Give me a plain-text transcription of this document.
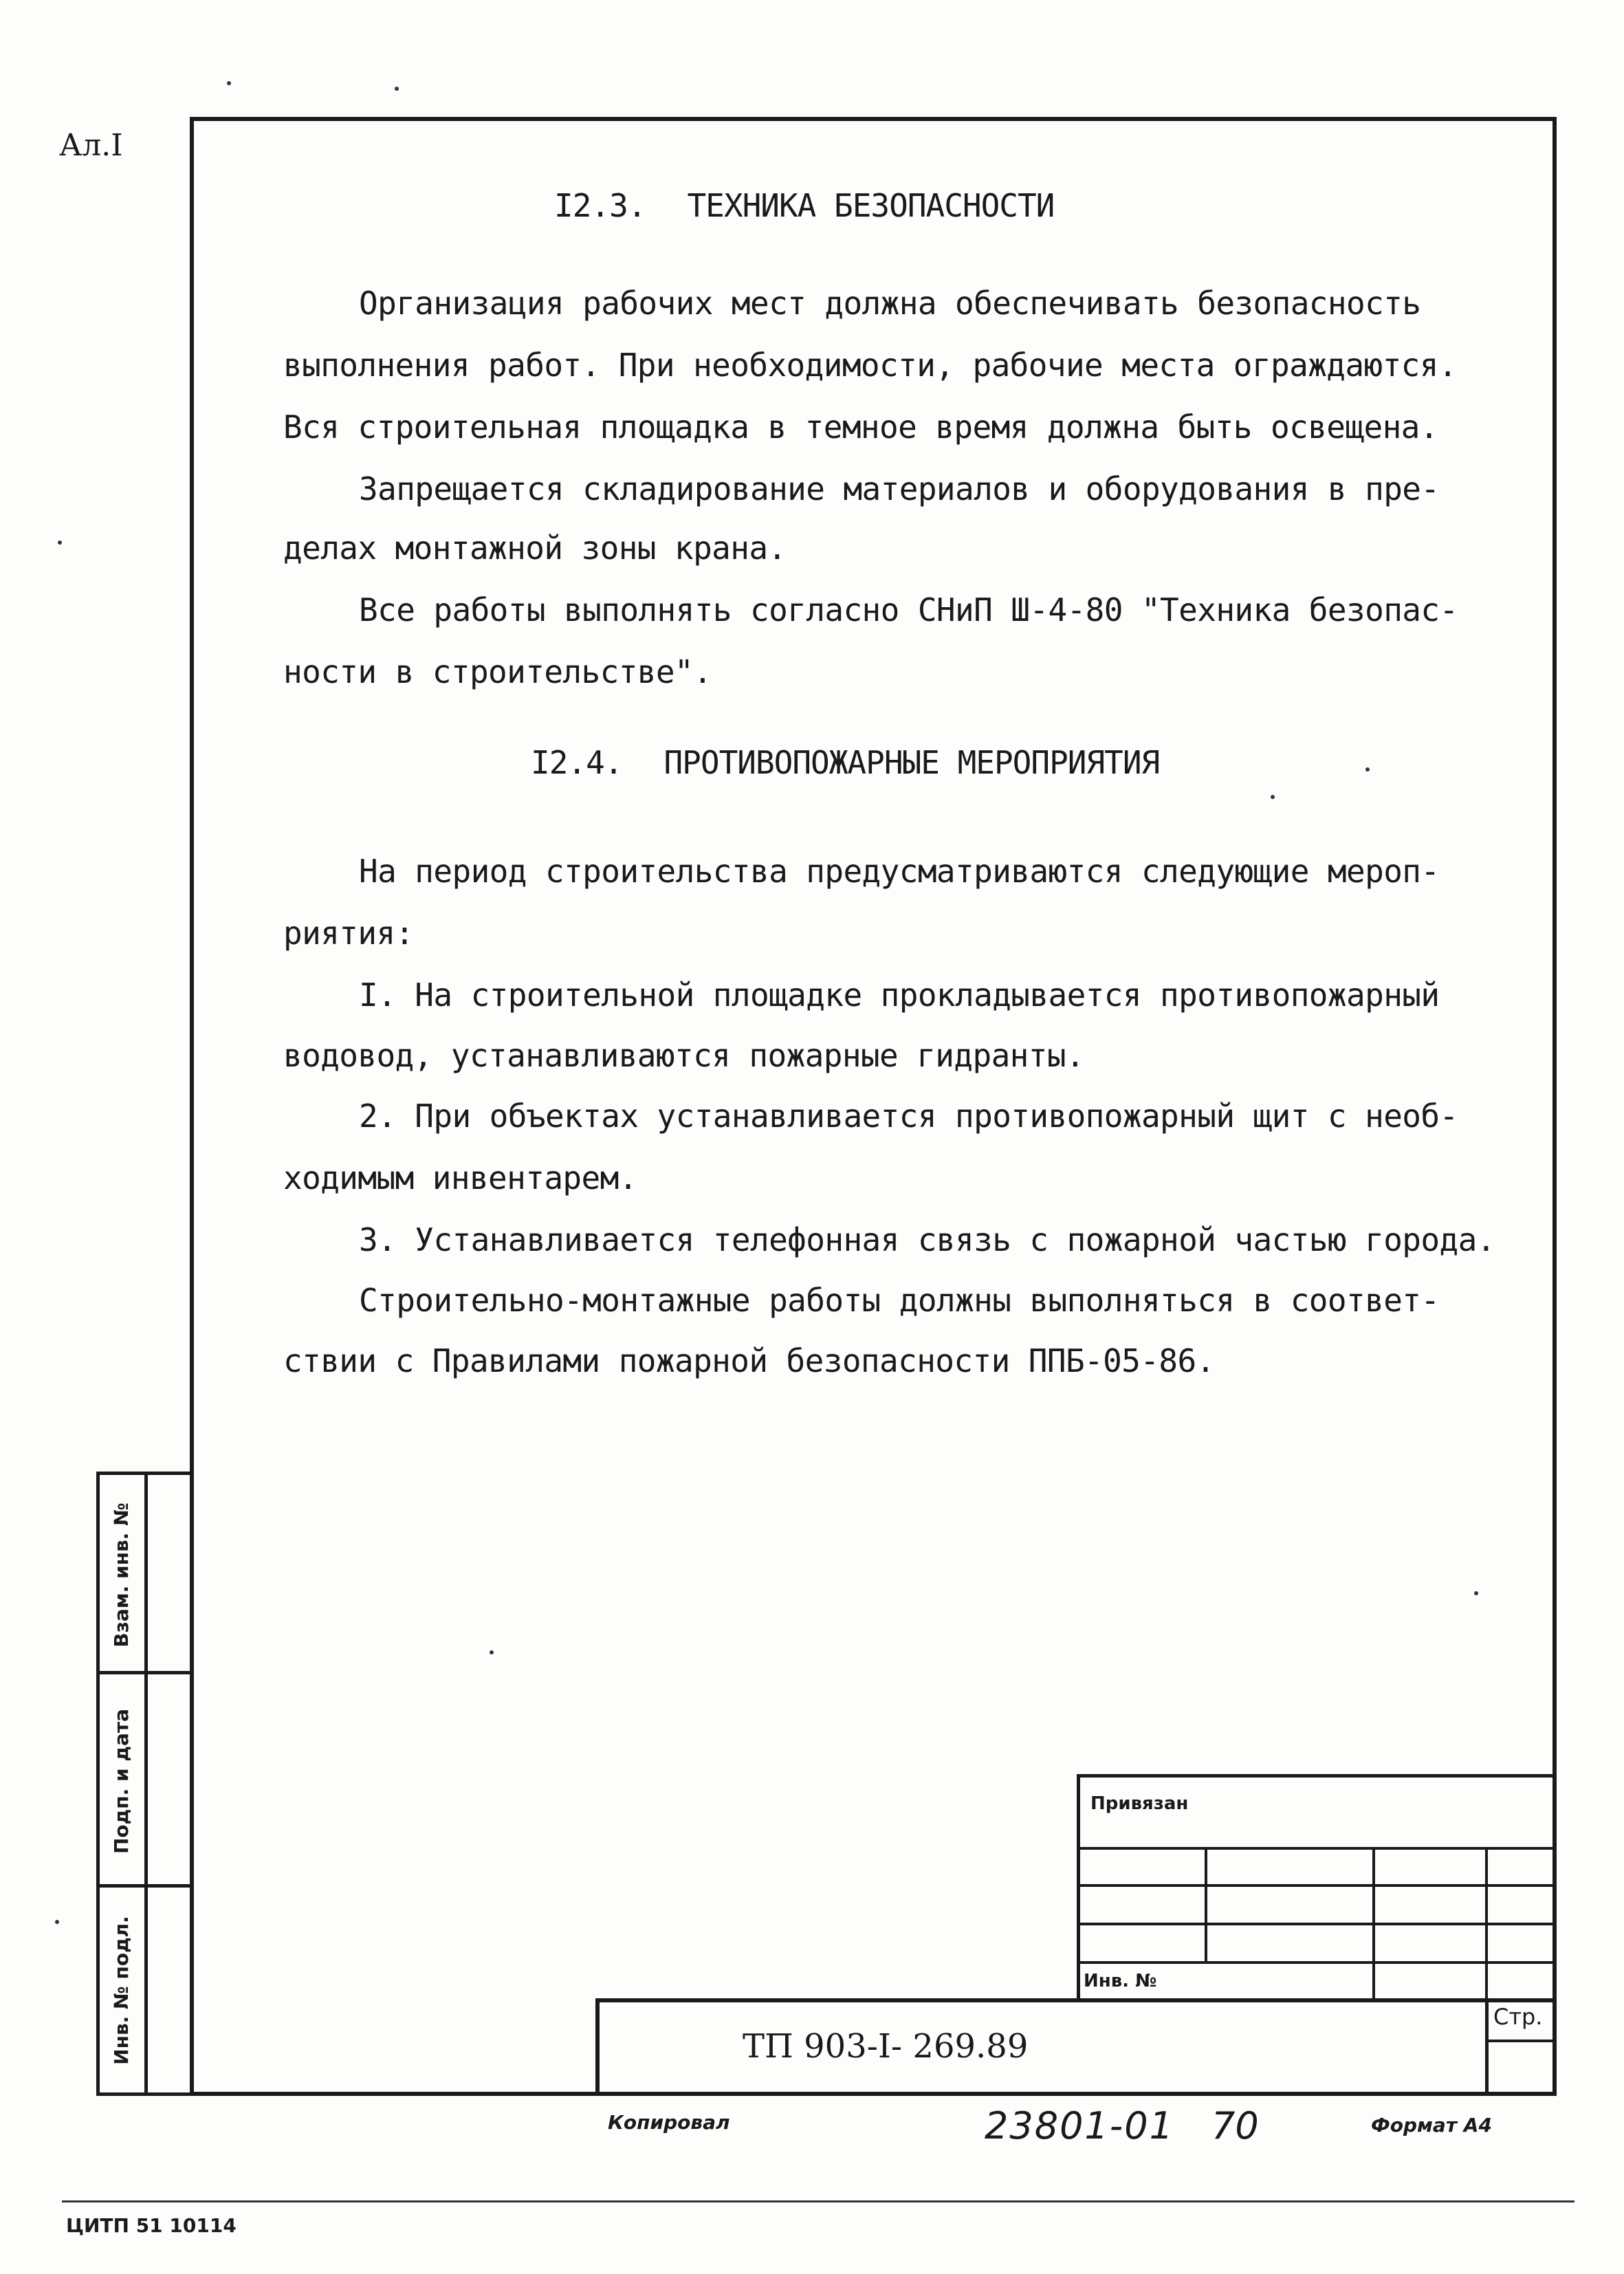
Ал.I
I2.3. ТЕХНИКА БЕЗОПАСНОСТИ
Организация рабочих мест должна обеспечивать безопасность
выполнения работ. При необходимости, рабочие места ограждаются.
Вся строительная площадка в темное время должна быть освещена.
Запрещается складирование материалов и оборудования в пре-
делах монтажной зоны крана.
Все работы выполнять согласно СНиП Ш-4-80 "Техника безопас-
ности в строительстве".
I2.4. ПРОТИВОПОЖАРНЫЕ МЕРОПРИЯТИЯ
На период строительства предусматриваются следующие мероп-
риятия:
I. На строительной площадке прокладывается противопожарный
водовод, устанавливаются пожарные гидранты.
2. При объектах устанавливается противопожарный щит с необ-
ходимым инвентарем.
3. Устанавливается телефонная связь с пожарной частью города.
Строительно-монтажные работы должны выполняться в соответ-
ствии с Правилами пожарной безопасности ППБ-05-86.
Взам. инв. №
Подп. и дата
Инв. № подл.
Привязан
Инв. №
ТП 903-I- 269.89
Стр.
Копировал	23801-01 70	Формат А4
ЦИТП 51 10114
